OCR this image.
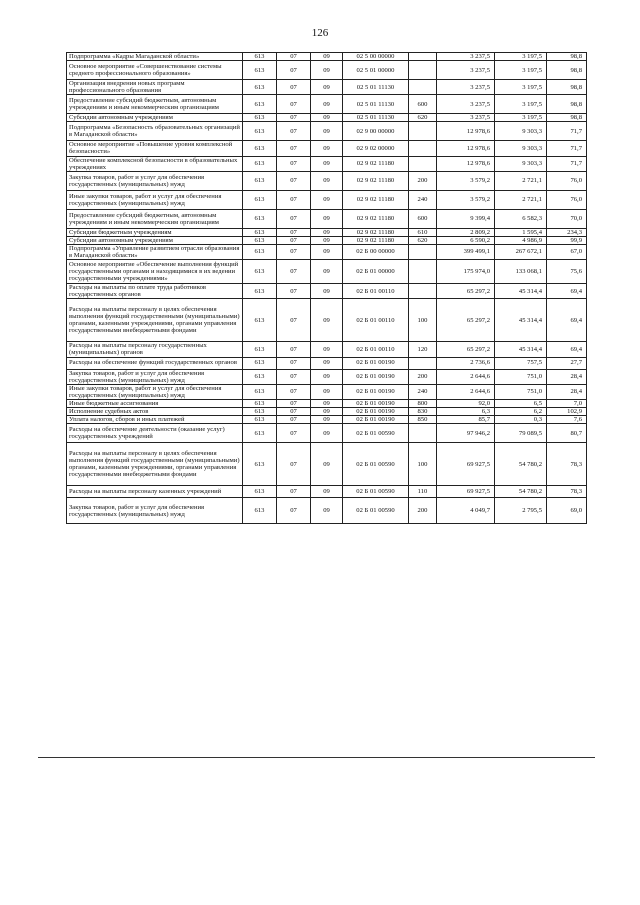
126
Подпрограмма «Кадры Магаданской области»	613	07	09	02 5 00 00000		3 237,5	3 197,5	98,8
Основное мероприятие «Совершенствование системы среднего профессионального образования»	613	07	09	02 5 01 00000		3 237,5	3 197,5	98,8
Организация внедрения новых программ профессионального образования	613	07	09	02 5 01 11130		3 237,5	3 197,5	98,8
Предоставление субсидий бюджетным, автономным учреждениям и иным некоммерческим организациям	613	07	09	02 5 01 11130	600	3 237,5	3 197,5	98,8
Субсидии автономным учреждениям	613	07	09	02 5 01 11130	620	3 237,5	3 197,5	98,8
Подпрограмма «Безопасность образовательных организаций в Магаданской области»	613	07	09	02 9 00 00000		12 978,6	9 303,3	71,7
Основное мероприятие «Повышение уровня комплексной безопасности»	613	07	09	02 9 02 00000		12 978,6	9 303,3	71,7
Обеспечение комплексной безопасности в образовательных учреждениях	613	07	09	02 9 02 11180		12 978,6	9 303,3	71,7
Закупка товаров, работ и услуг для обеспечения государственных (муниципальных) нужд	613	07	09	02 9 02 11180	200	3 579,2	2 721,1	76,0
Иные закупки товаров, работ и услуг для обеспечения государственных (муниципальных) нужд	613	07	09	02 9 02 11180	240	3 579,2	2 721,1	76,0
Предоставление субсидий бюджетным, автономным учреждениям и иным некоммерческим организациям	613	07	09	02 9 02 11180	600	9 399,4	6 582,3	70,0
Субсидии бюджетным учреждениям	613	07	09	02 9 02 11180	610	2 809,2	1 595,4	234,3
Субсидии автономным учреждениям	613	07	09	02 9 02 11180	620	6 590,2	4 986,9	99,9
Подпрограмма «Управление развитием отрасли образования в Магаданской области»	613	07	09	02 Б 00 00000		399 499,1	267 672,1	67,0
Основное мероприятие «Обеспечение выполнения функций государственными органами и находящимися в их ведении государственными учреждениями»	613	07	09	02 Б 01 00000		175 974,0	133 068,1	75,6
Расходы на выплаты по оплате труда работников государственных органов	613	07	09	02 Б 01 00110		65 297,2	45 314,4	69,4
Расходы на выплаты персоналу в целях обеспечения выполнения функций государственными (муниципальными) органами, казенными учреждениями, органами управления государственными внебюджетными фондами	613	07	09	02 Б 01 00110	100	65 297,2	45 314,4	69,4
Расходы на выплаты персоналу государственных (муниципальных) органов	613	07	09	02 Б 01 00110	120	65 297,2	45 314,4	69,4
Расходы на обеспечение функций государственных органов	613	07	09	02 Б 01 00190		2 736,6	757,5	27,7
Закупка товаров, работ и услуг для обеспечения государственных (муниципальных) нужд	613	07	09	02 Б 01 00190	200	2 644,6	751,0	28,4
Иные закупки товаров, работ и услуг для обеспечения государственных (муниципальных) нужд	613	07	09	02 Б 01 00190	240	2 644,6	751,0	28,4
Иные бюджетные ассигнования	613	07	09	02 Б 01 00190	800	92,0	6,5	7,0
Исполнение судебных актов	613	07	09	02 Б 01 00190	830	6,3	6,2	102,9
Уплата налогов, сборов и иных платежей	613	07	09	02 Б 01 00190	850	85,7	0,3	7,6
Расходы на обеспечение деятельности (оказание услуг) государственных учреждений	613	07	09	02 Б 01 00590		97 946,2	79 089,5	80,7
Расходы на выплаты персоналу в целях обеспечения выполнения функций государственными (муниципальными) органами, казенными учреждениями, органами управления государственными внебюджетными фондами	613	07	09	02 Б 01 00590	100	69 927,5	54 780,2	78,3
Расходы на выплаты персоналу казенных учреждений	613	07	09	02 Б 01 00590	110	69 927,5	54 780,2	78,3
Закупка товаров, работ и услуг для обеспечения государственных (муниципальных) нужд	613	07	09	02 Б 01 00590	200	4 049,7	2 795,5	69,0
